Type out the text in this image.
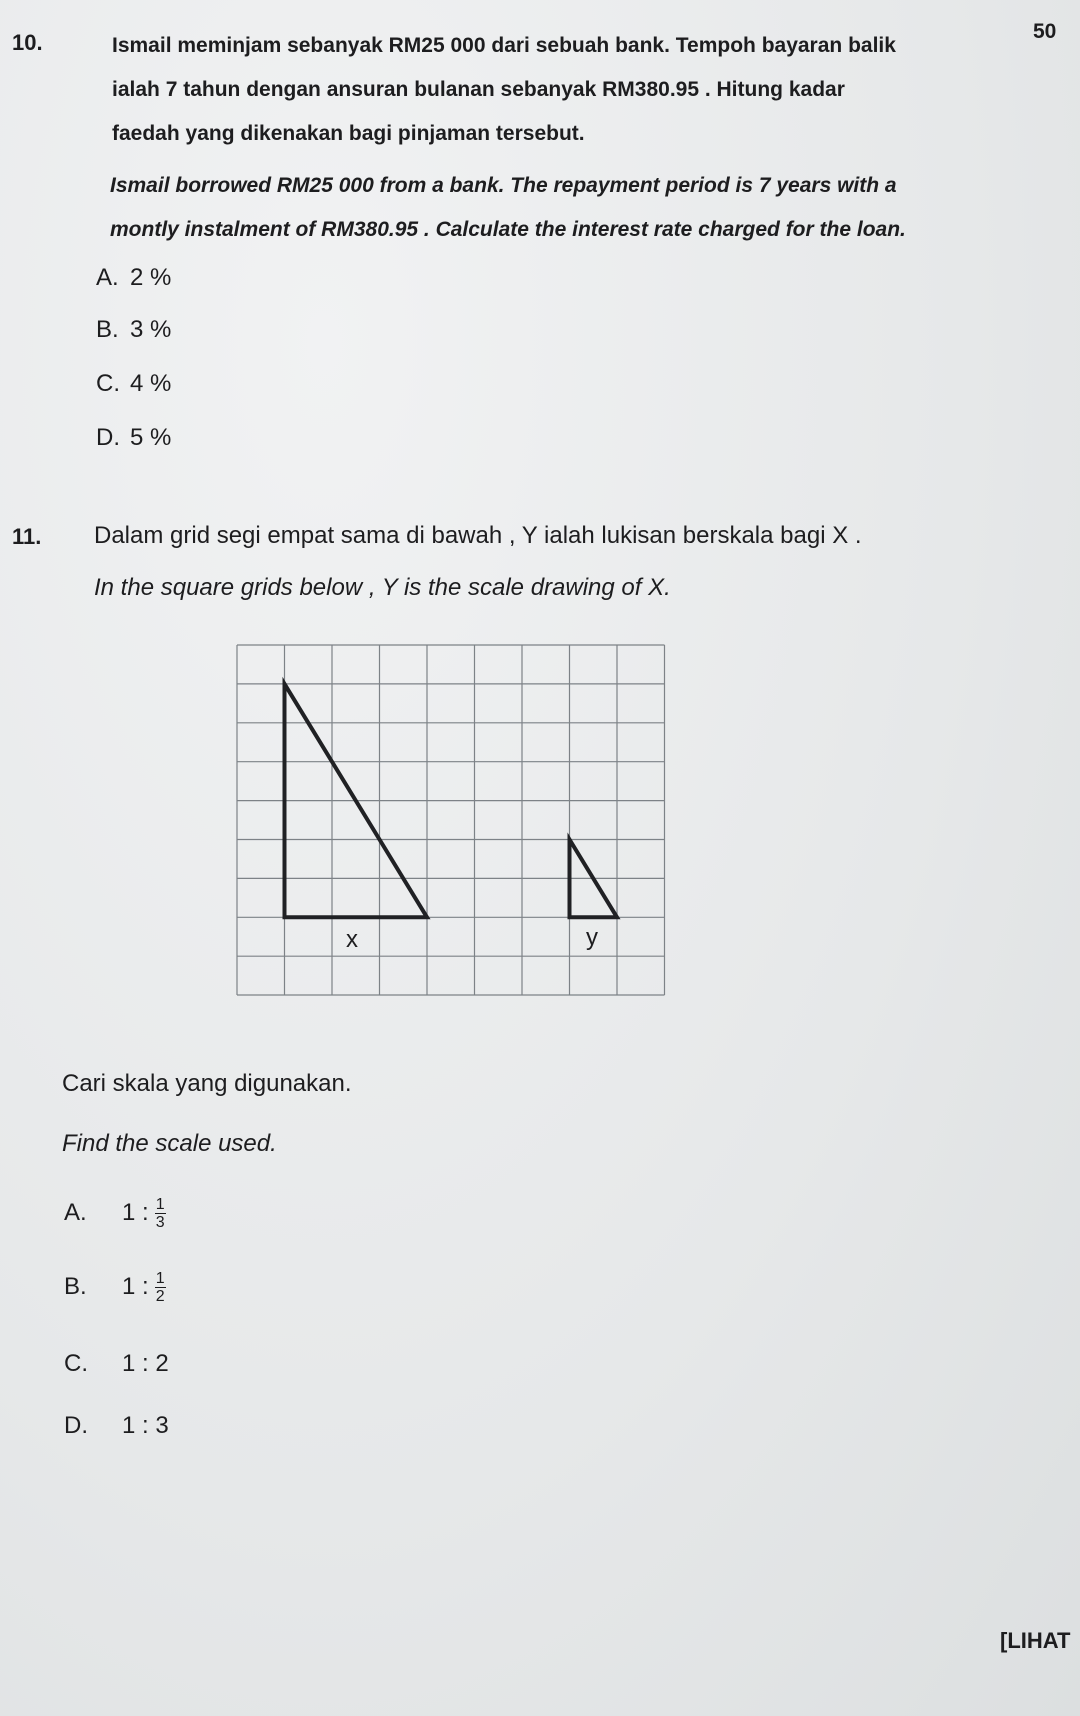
50
10.	Ismail meminjam sebanyak RM25 000 dari sebuah bank. Tempoh bayaran balik
ialah 7 tahun dengan ansuran bulanan sebanyak RM380.95 . Hitung kadar
faedah yang dikenakan bagi pinjaman tersebut.
Ismail borrowed RM25 000 from a bank. The repayment period is 7 years with a
montly instalment of RM380.95 . Calculate the interest rate charged for the loan.
A. 2 %
B. 3 %
C. 4 %
D. 5 %
11. Dalam grid segi empat sama di bawah , Y ialah lukisan berskala bagi X .
In the square grids below , Y is the scale drawing of X.
x	y
Cari skala yang digunakan.
Find the scale used.
A. 1 : $\frac{1}{3}$
B. 1 : $\frac{1}{2}$
C. 1 : 2
D. 1 : 3
[LIHAT
